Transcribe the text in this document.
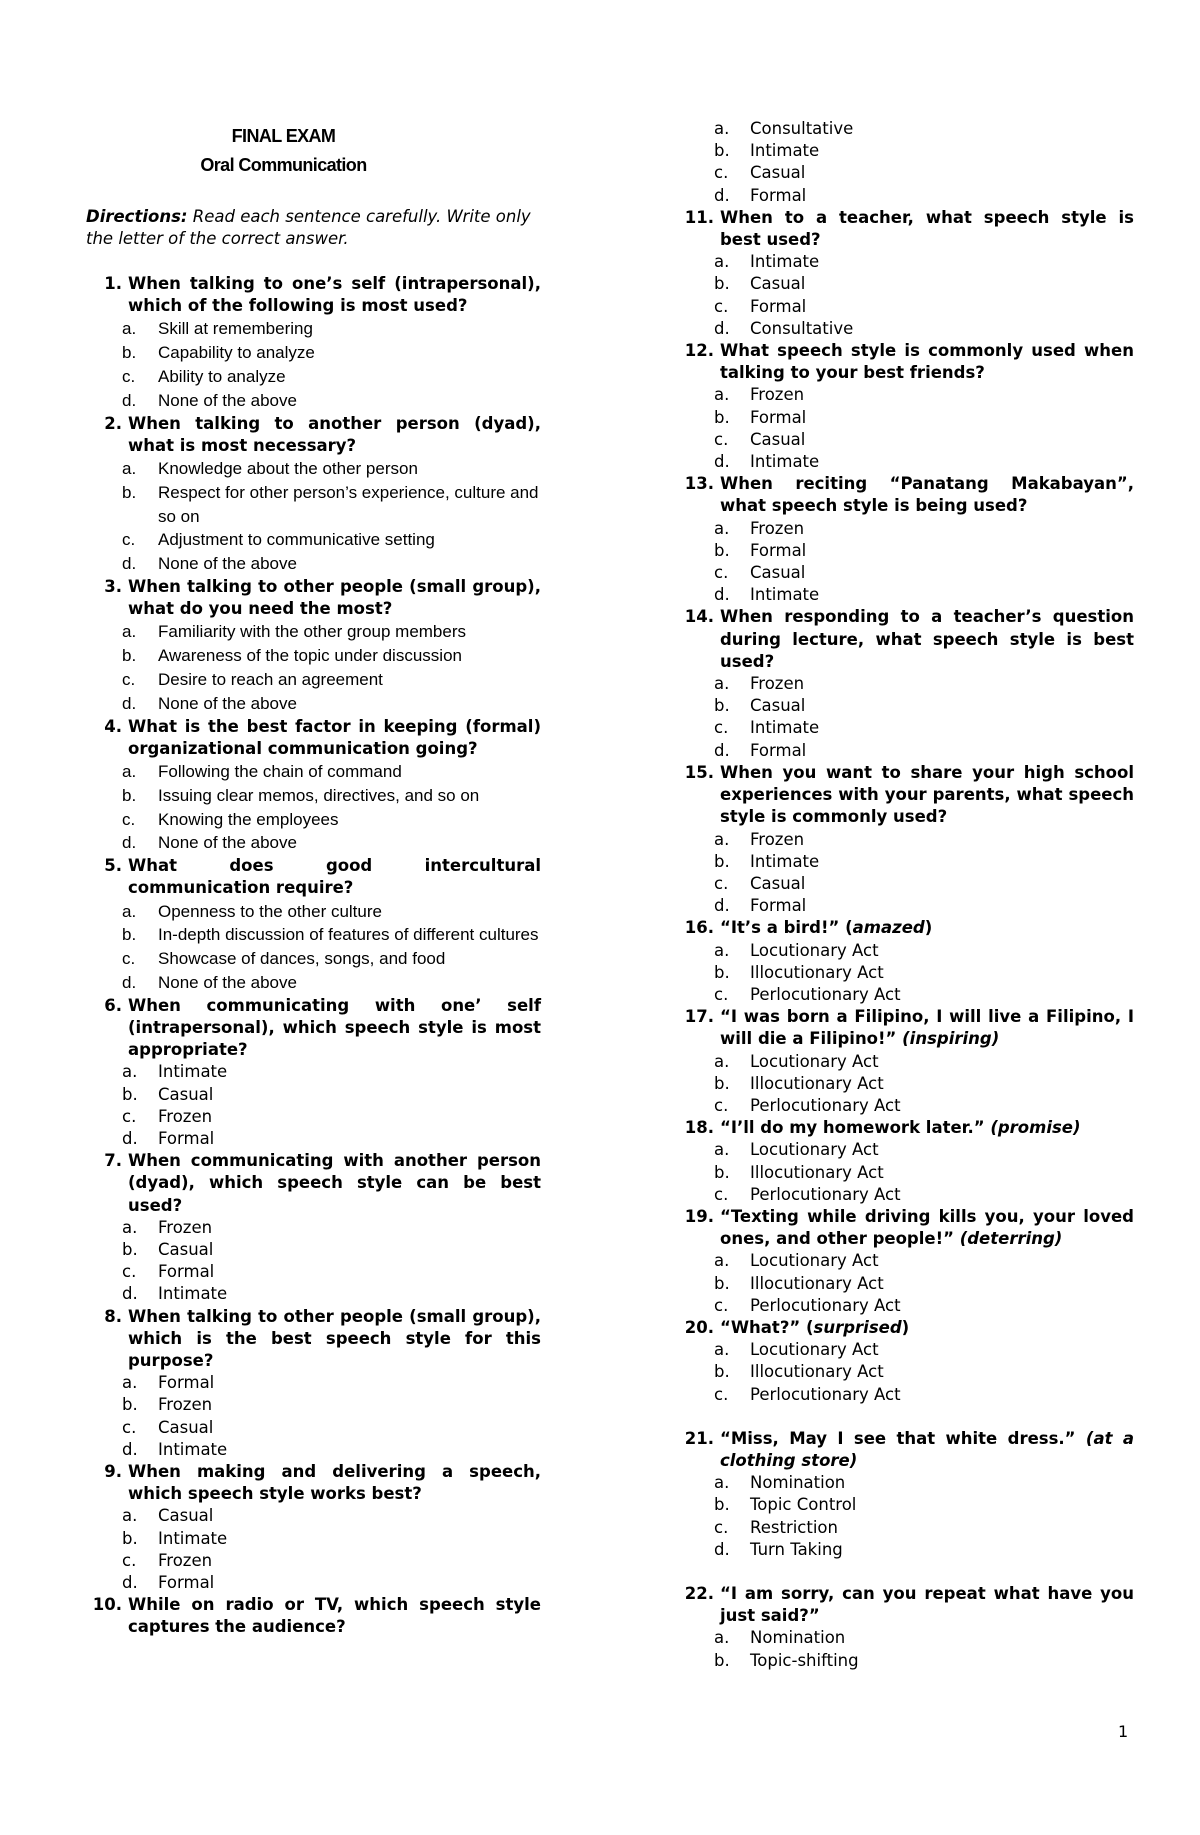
FINAL EXAM
Oral Communication
Directions: Read each sentence carefully. Write only the letter of the correct answer.
1. When talking to one’s self (intrapersonal), which of the following is most used?
a.	Skill at remembering
b.	Capability to analyze
c.	Ability to analyze
d.	None of the above
2. When talking to another person (dyad), what is most necessary?
a.	Knowledge about the other person
b.	Respect for other person’s experience, culture and so on
c.	Adjustment to communicative setting
d.	None of the above
3. When talking to other people (small group), what do you need the most?
a.	Familiarity with the other group members
b.	Awareness of the topic under discussion
c.	Desire to reach an agreement
d.	None of the above
4. What is the best factor in keeping (formal) organizational communication going?
a.	Following the chain of command
b.	Issuing clear memos, directives, and so on
c.	Knowing the employees
d.	None of the above
5. What does good intercultural communication require?
a.	Openness to the other culture
b.	In-depth discussion of features of different cultures
c.	Showcase of dances, songs, and food
d.	None of the above
6. When communicating with one’ self (intrapersonal), which speech style is most appropriate?
a.	Intimate
b.	Casual
c.	Frozen
d.	Formal
7. When communicating with another person (dyad), which speech style can be best used?
a.	Frozen
b.	Casual
c.	Formal
d.	Intimate
8. When talking to other people (small group), which is the best speech style for this purpose?
a.	Formal
b.	Frozen
c.	Casual
d.	Intimate
9. When making and delivering a speech, which speech style works best?
a.	Casual
b.	Intimate
c.	Frozen
d.	Formal
10. While on radio or TV, which speech style captures the audience?
a.	Consultative
b.	Intimate
c.	Casual
d.	Formal
11. When to a teacher, what speech style is best used?
a.	Intimate
b.	Casual
c.	Formal
d.	Consultative
12. What speech style is commonly used when talking to your best friends?
a.	Frozen
b.	Formal
c.	Casual
d.	Intimate
13. When reciting “Panatang Makabayan”, what speech style is being used?
a.	Frozen
b.	Formal
c.	Casual
d.	Intimate
14. When responding to a teacher’s question during lecture, what speech style is best used?
a.	Frozen
b.	Casual
c.	Intimate
d.	Formal
15. When you want to share your high school experiences with your parents, what speech style is commonly used?
a.	Frozen
b.	Intimate
c.	Casual
d.	Formal
16. “It’s a bird!” (amazed)
a.	Locutionary Act
b.	Illocutionary Act
c.	Perlocutionary Act
17. “I was born a Filipino, I will live a Filipino, I will die a Filipino!” (inspiring)
a.	Locutionary Act
b.	Illocutionary Act
c.	Perlocutionary Act
18. “I’ll do my homework later.” (promise)
a.	Locutionary Act
b.	Illocutionary Act
c.	Perlocutionary Act
19. “Texting while driving kills you, your loved ones, and other people!” (deterring)
a.	Locutionary Act
b.	Illocutionary Act
c.	Perlocutionary Act
20. “What?” (surprised)
a.	Locutionary Act
b.	Illocutionary Act
c.	Perlocutionary Act
21. “Miss, May I see that white dress.” (at a clothing store)
a.	Nomination
b.	Topic Control
c.	Restriction
d.	Turn Taking
22. “I am sorry, can you repeat what have you just said?”
a.	Nomination
b.	Topic-shifting
1
